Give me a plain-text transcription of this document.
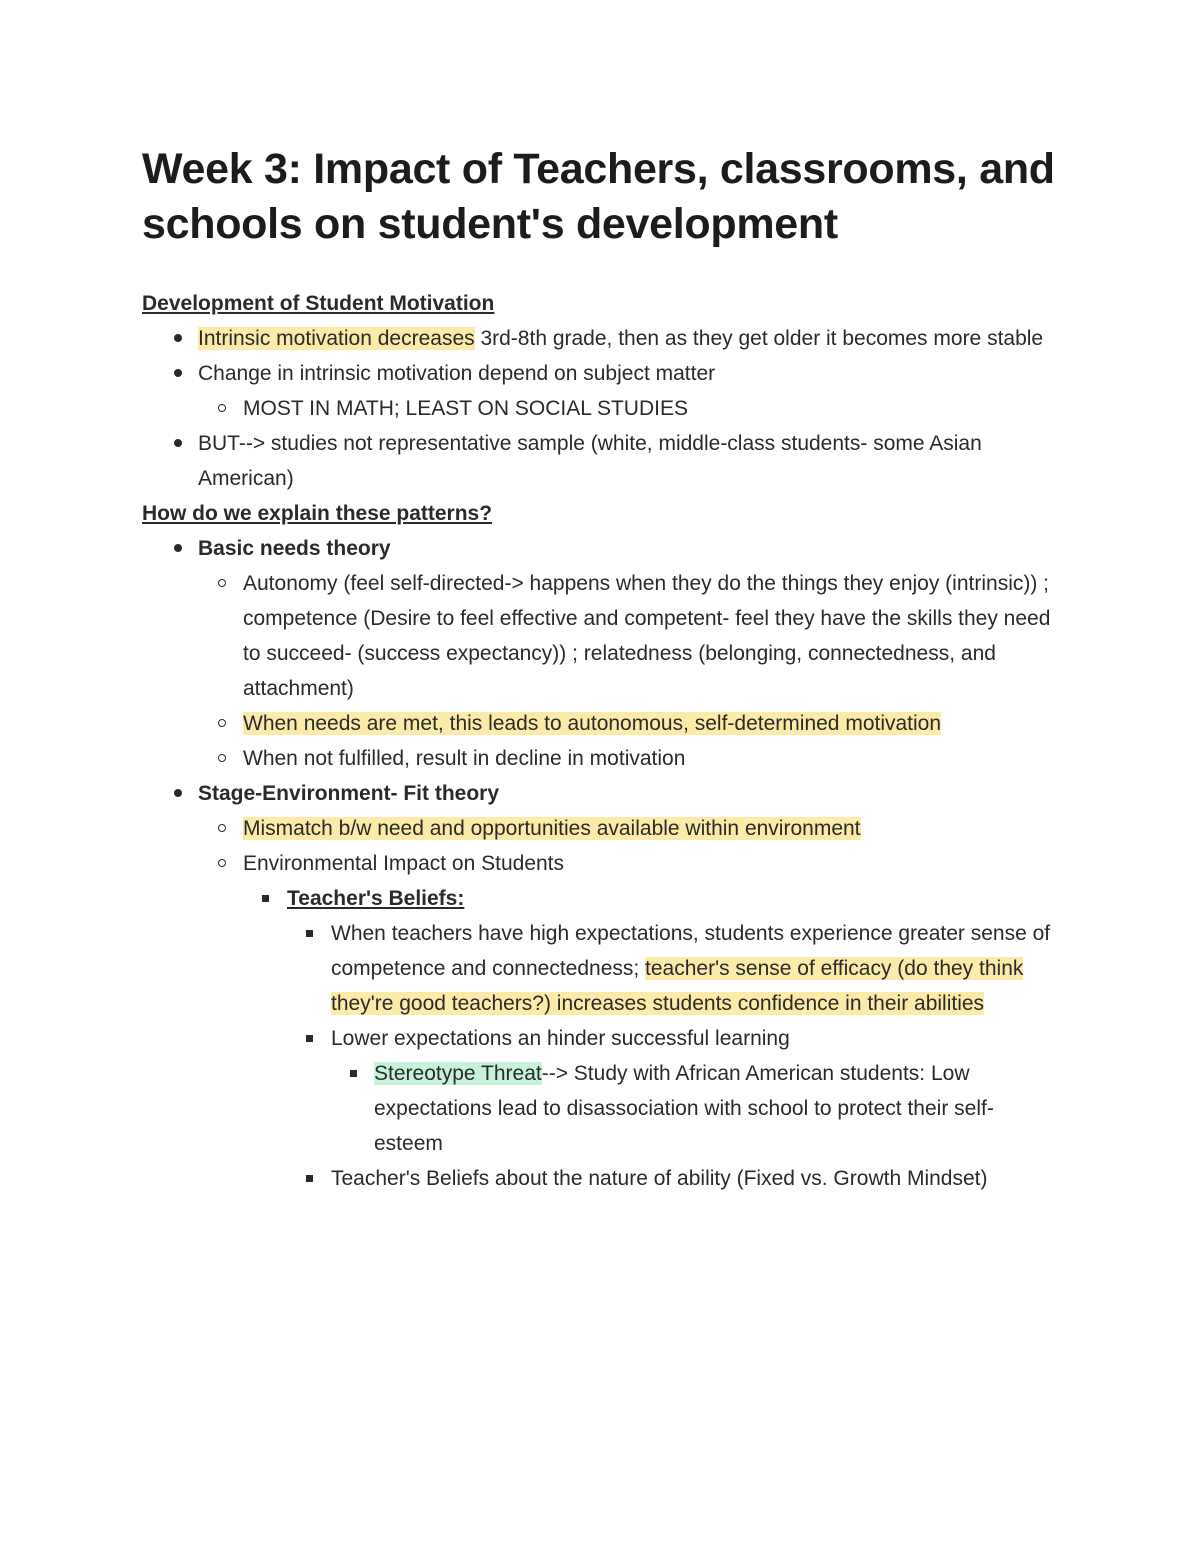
Week 3: Impact of Teachers, classrooms, and schools on student's development
Development of Student Motivation
Intrinsic motivation decreases 3rd-8th grade, then as they get older it becomes more stable
Change in intrinsic motivation depend on subject matter
MOST IN MATH; LEAST ON SOCIAL STUDIES
BUT--> studies not representative sample (white, middle-class students- some Asian American)
How do we explain these patterns?
Basic needs theory
Autonomy (feel self-directed-> happens when they do the things they enjoy (intrinsic)) ; competence (Desire to feel effective and competent- feel they have the skills they need to succeed- (success expectancy)) ; relatedness (belonging, connectedness, and attachment)
When needs are met, this leads to autonomous, self-determined motivation
When not fulfilled, result in decline in motivation
Stage-Environment- Fit theory
Mismatch b/w need and opportunities available within environment
Environmental Impact on Students
Teacher's Beliefs:
When teachers have high expectations, students experience greater sense of competence and connectedness; teacher's sense of efficacy (do they think they're good teachers?) increases students confidence in their abilities
Lower expectations an hinder successful learning
Stereotype Threat--> Study with African American students: Low expectations lead to disassociation with school to protect their self-esteem
Teacher's Beliefs about the nature of ability (Fixed vs. Growth Mindset)
